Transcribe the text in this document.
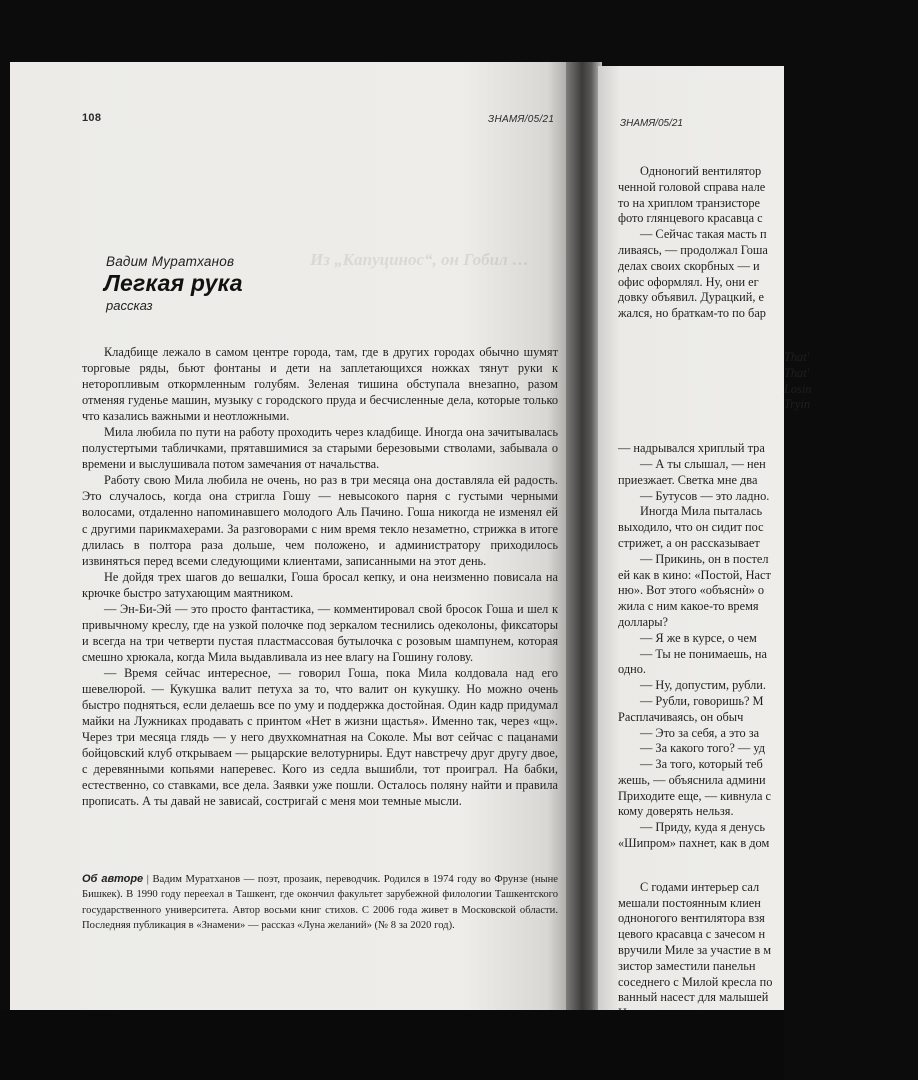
108	ЗНАМЯ/05/21
Из „Капуцинос“, он Гобил …
Вадим Муратханов
Легкая рука
рассказ

Кладбище лежало в самом центре города, там, где в других городах обычно шумят торговые ряды, бьют фонтаны и дети на заплетающихся ножках тянут руки к неторопливым откормленным голубям. Зеленая тишина обступала внезапно, разом отменяя гуденье машин, музыку с городского пруда и бесчисленные дела, которые только что казались важными и неотложными.

Мила любила по пути на работу проходить через кладбище. Иногда она зачитывалась полустертыми табличками, прятавшимися за старыми березовыми стволами, забывала о времени и выслушивала потом замечания от начальства.

Работу свою Мила любила не очень, но раз в три месяца она доставляла ей радость. Это случалось, когда она стригла Гошу — невысокого парня с густыми черными волосами, отдаленно напоминавшего молодого Аль Пачино. Гоша никогда не изменял ей с другими парикмахерами. За разговорами с ним время текло незаметно, стрижка в итоге длилась в полтора раза дольше, чем положено, и администратору приходилось извиняться перед всеми следующими клиентами, записанными на этот день.

Не дойдя трех шагов до вешалки, Гоша бросал кепку, и она неизменно повисала на крючке быстро затухающим маятником.

— Эн-Би-Эй — это просто фантастика, — комментировал свой бросок Гоша и шел к привычному креслу, где на узкой полочке под зеркалом теснились одеколоны, фиксаторы и всегда на три четверти пустая пластмассовая бутылочка с розовым шампунем, которая смешно хрюкала, когда Мила выдавливала из нее влагу на Гошину голову.

— Время сейчас интересное, — говорил Гоша, пока Мила колдовала над его шевелюрой. — Кукушка валит петуха за то, что валит он кукушку. Но можно очень быстро подняться, если делаешь все по уму и поддержка достойная. Один кадр придумал майки на Лужниках продавать с принтом «Нет в жизни щастья». Именно так, через «щ». Через три месяца глядь — у него двухкомнатная на Соколе. Мы вот сейчас с пацанами бойцовский клуб открываем — рыцарские велотурниры. Едут навстречу друг другу двое, с деревянными копьями наперевес. Кого из седла вышибли, тот проиграл. На бабки, естественно, со ставками, все дела. Заявки уже пошли. Осталось поляну найти и правила прописать. А ты давай не зависай, состригай с меня мои темные мысли.

Об авторе | Вадим Муратханов — поэт, прозаик, переводчик. Родился в 1974 году во Фрунзе (ныне Бишкек). В 1990 году переехал в Ташкент, где окончил факультет зарубежной филологии Ташкентского государственного университета. Автор восьми книг стихов. С 2006 года живет в Московской области. Последняя публикация в «Знамени» — рассказ «Луна желаний» (№ 8 за 2020 год).
ЗНАМЯ/05/21
Одноногий вентилятор
ченной головой справа нале
то на хриплом транзисторе
фото глянцевого красавца с
— Сейчас такая масть п
ливаясь, — продолжал Гоша
делах своих скорбных — и
офис оформлял. Ну, они ег
довку объявил. Дурацкий, е
жался, но браткам-то по бар
That'
That'
Losin
Tryin
— надрывался хриплый тра
— А ты слышал, — нен
приезжает. Светка мне два
— Бутусов — это ладно.
Иногда Мила пыталась
выходило, что он сидит пос
стрижет, а он рассказывает
— Прикинь, он в постел
ей как в кино: «Постой, Наст
ню». Вот этого «объяснѝ» о
жила с ним какое-то время
доллары?
— Я же в курсе, о чем
— Ты не понимаешь, на
одно.
— Ну, допустим, рубли.
— Рубли, говоришь? М
Расплачиваясь, он обыч
— Это за себя, а это за
— За какого того? — уд
— За того, который теб
жешь, — объяснила админи
Приходите еще, — кивнула с
кому доверять нельзя.
— Приду, куда я денусь
«Шипром» пахнет, как в дом
С годами интерьер сал
мешали постоянным клиен
одноногого вентилятора взя
цевого красавца с зачесом н
вручили Миле за участие в м
зистор заместили панельн
соседнего с Милой кресла по
ванный насест для малышей
